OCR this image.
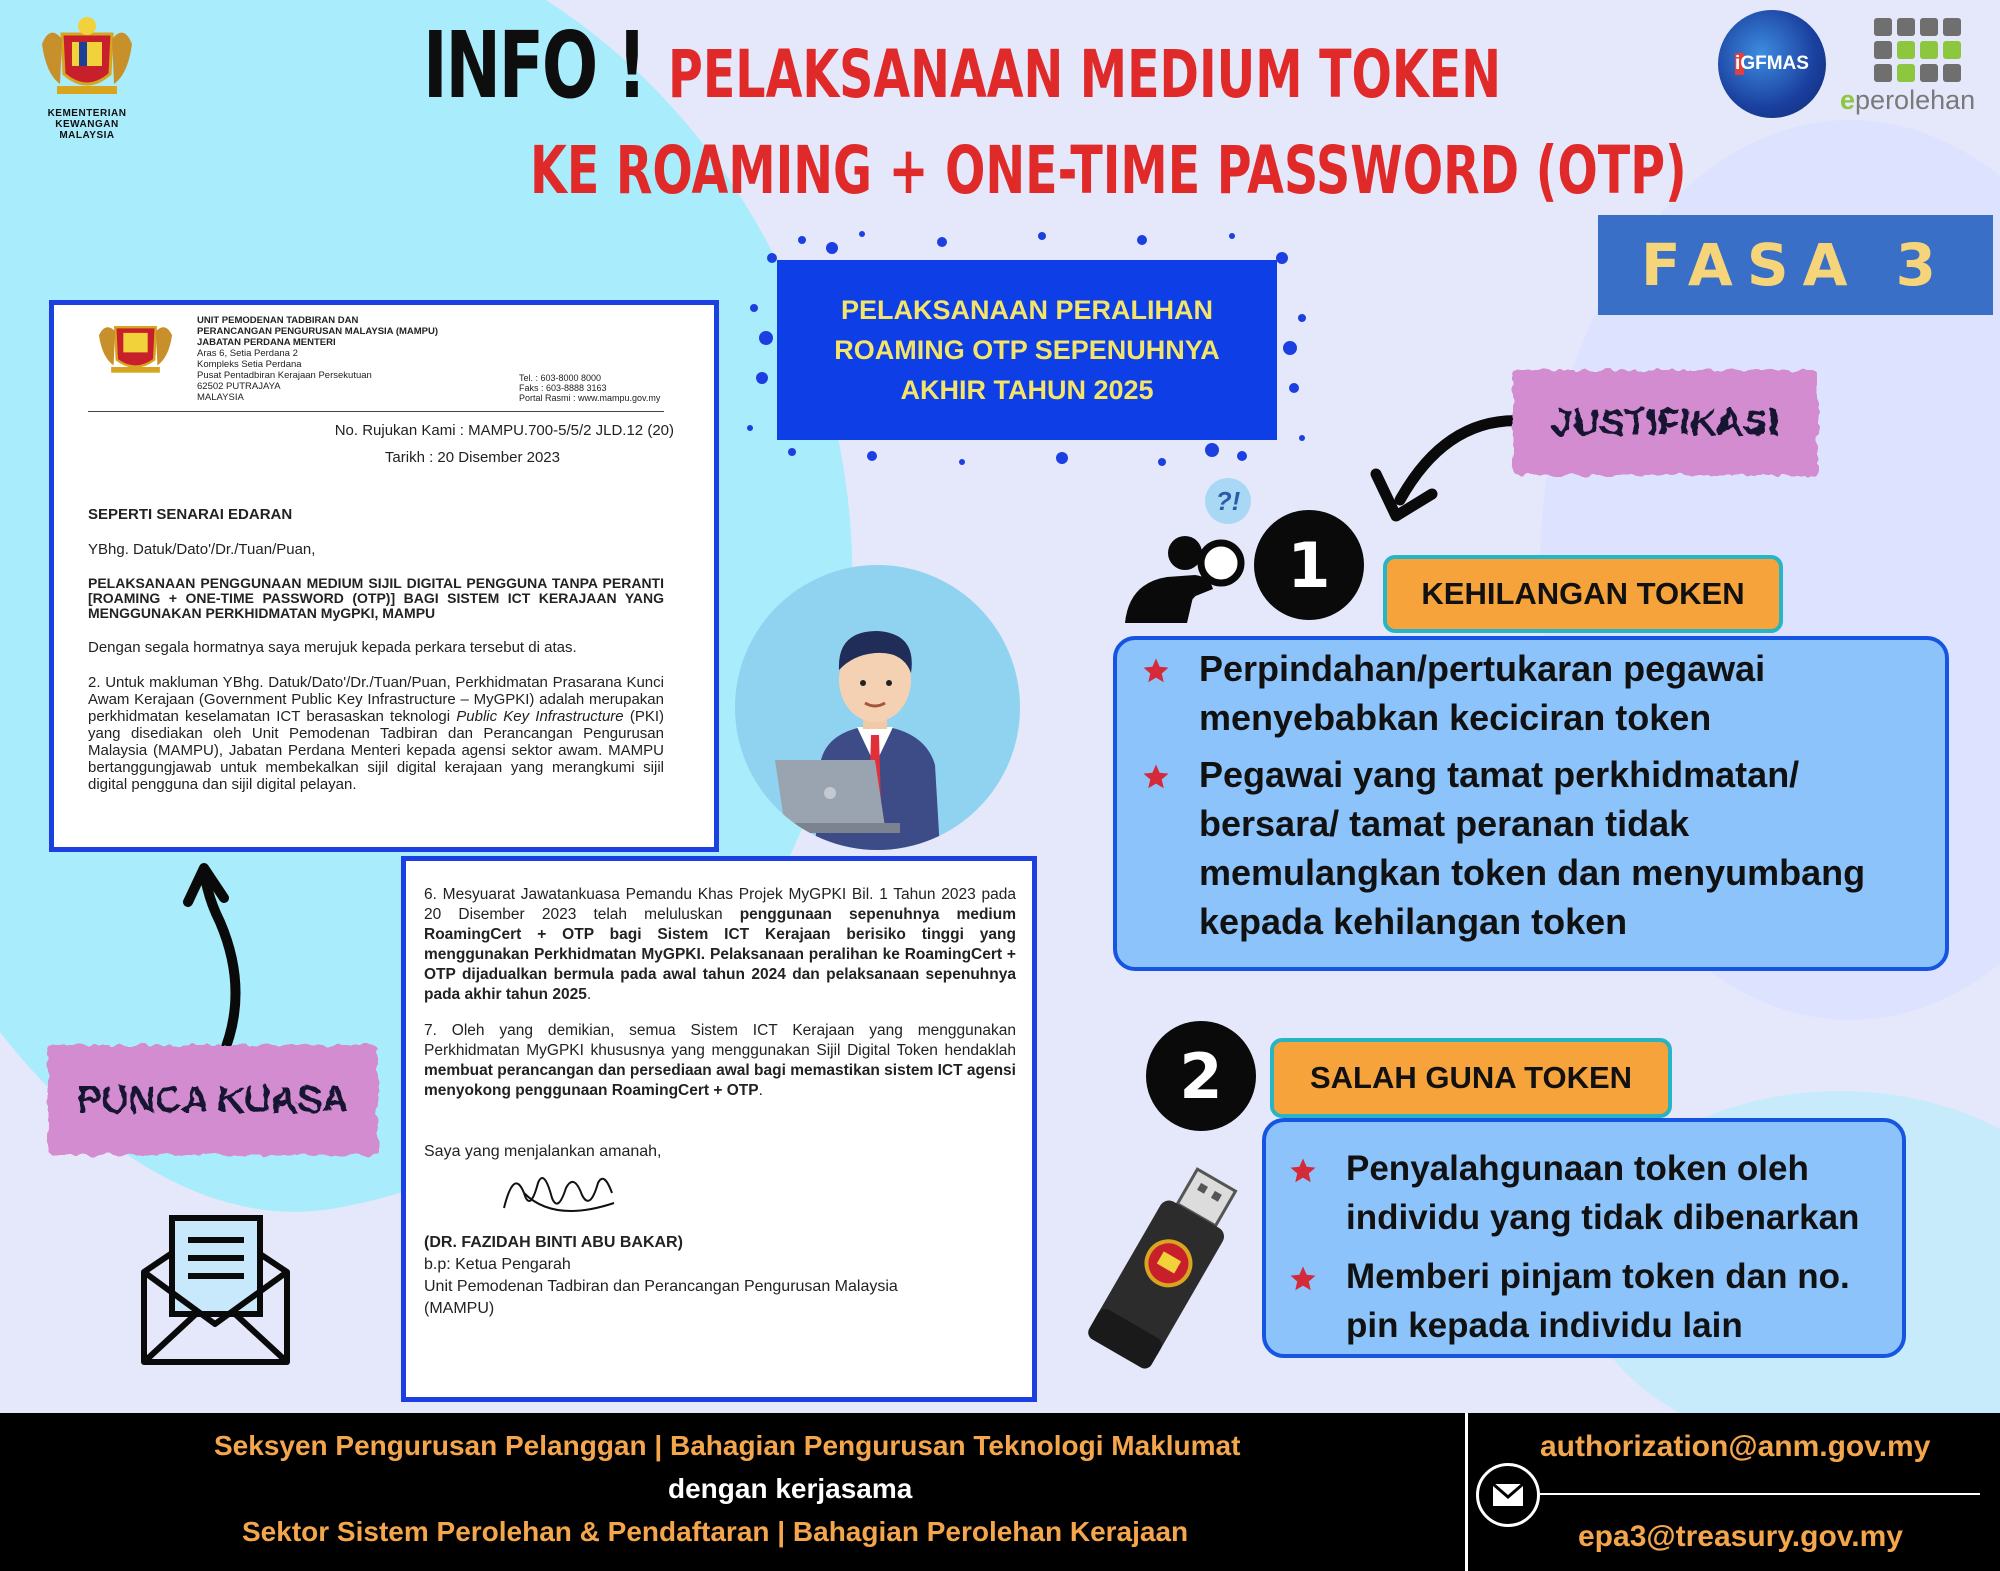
KEMENTERIAN KEWANGAN MALAYSIA
INFO ! PELAKSANAAN MEDIUM TOKEN
KE ROAMING + ONE-TIME PASSWORD (OTP)
iGFMAS
eperolehan
FASA 3
PELAKSANAAN PERALIHAN
ROAMING OTP SEPENUHNYA
AKHIR TAHUN 2025
UNIT PEMODENAN TADBIRAN DAN
PERANCANGAN PENGURUSAN MALAYSIA (MAMPU)
JABATAN PERDANA MENTERI
Aras 6, Setia Perdana 2
Kompleks Setia Perdana
Pusat Pentadbiran Kerajaan Persekutuan
62502 PUTRAJAYA
MALAYSIA
Tel. : 603-8000 8000
Faks : 603-8888 3163
Portal Rasmi : www.mampu.gov.my
No. Rujukan Kami : MAMPU.700-5/5/2 JLD.12 (20)
Tarikh : 20 Disember 2023

SEPERTI SENARAI EDARAN

YBhg. Datuk/Dato'/Dr./Tuan/Puan,

PELAKSANAAN PENGGUNAAN MEDIUM SIJIL DIGITAL PENGGUNA TANPA PERANTI [ROAMING + ONE-TIME PASSWORD (OTP)] BAGI SISTEM ICT KERAJAAN YANG MENGGUNAKAN PERKHIDMATAN MyGPKI, MAMPU

Dengan segala hormatnya saya merujuk kepada perkara tersebut di atas.

2. Untuk makluman YBhg. Datuk/Dato'/Dr./Tuan/Puan, Perkhidmatan Prasarana Kunci Awam Kerajaan (Government Public Key Infrastructure – MyGPKI) adalah merupakan perkhidmatan keselamatan ICT berasaskan teknologi Public Key Infrastructure (PKI) yang disediakan oleh Unit Pemodenan Tadbiran dan Perancangan Pengurusan Malaysia (MAMPU), Jabatan Perdana Menteri kepada agensi sektor awam. MAMPU bertanggungjawab untuk membekalkan sijil digital kerajaan yang merangkumi sijil digital pengguna dan sijil digital pelayan.

6. Mesyuarat Jawatankuasa Pemandu Khas Projek MyGPKI Bil. 1 Tahun 2023 pada 20 Disember 2023 telah meluluskan penggunaan sepenuhnya medium RoamingCert + OTP bagi Sistem ICT Kerajaan berisiko tinggi yang menggunakan Perkhidmatan MyGPKI. Pelaksanaan peralihan ke RoamingCert + OTP dijadualkan bermula pada awal tahun 2024 dan pelaksanaan sepenuhnya pada akhir tahun 2025.

7. Oleh yang demikian, semua Sistem ICT Kerajaan yang menggunakan Perkhidmatan MyGPKI khususnya yang menggunakan Sijil Digital Token hendaklah membuat perancangan dan persediaan awal bagi memastikan sistem ICT agensi menyokong penggunaan RoamingCert + OTP.

Saya yang menjalankan amanah,
(DR. FAZIDAH BINTI ABU BAKAR)
b.p: Ketua Pengarah
Unit Pemodenan Tadbiran dan Perancangan Pengurusan Malaysia
(MAMPU)
JUSTIFIKASI
PUNCA KUASA
?!
1	KEHILANGAN TOKEN
Perpindahan/pertukaran pegawai menyebabkan keciciran token
Pegawai yang tamat perkhidmatan/ bersara/ tamat peranan tidak memulangkan token dan menyumbang kepada kehilangan token
2	SALAH GUNA TOKEN
Penyalahgunaan token oleh individu yang tidak dibenarkan
Memberi pinjam token dan no. pin kepada individu lain
Seksyen Pengurusan Pelanggan | Bahagian Pengurusan Teknologi Maklumat
dengan kerjasama
Sektor Sistem Perolehan & Pendaftaran | Bahagian Perolehan Kerajaan
authorization@anm.gov.my
epa3@treasury.gov.my
